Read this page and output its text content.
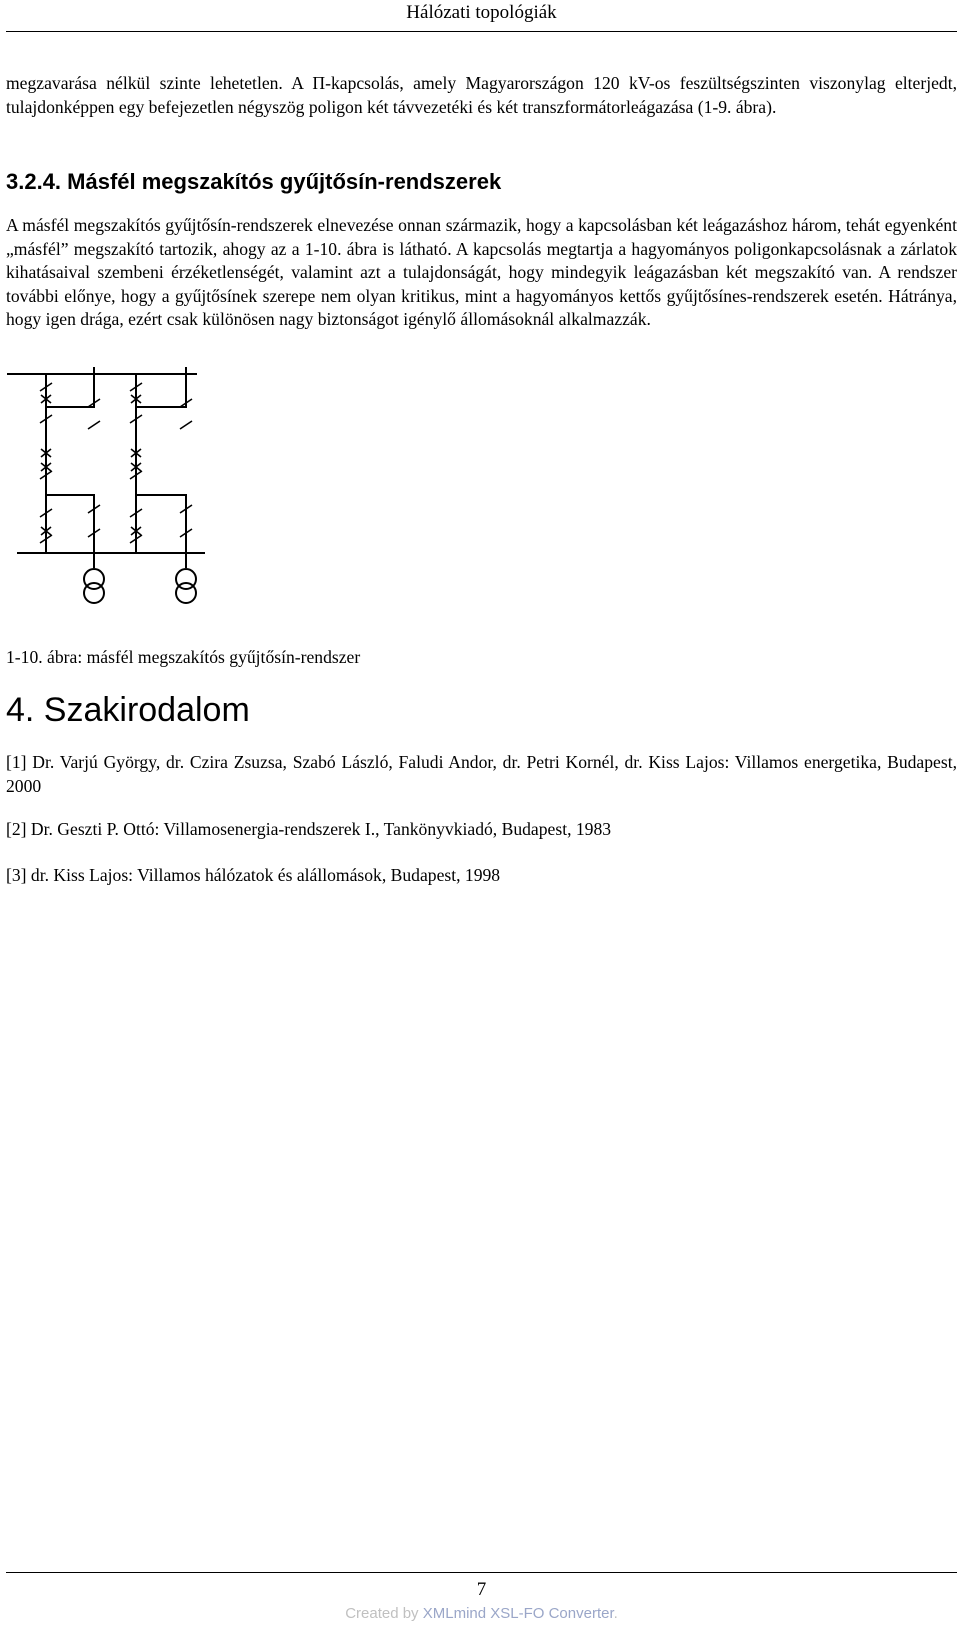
Hálózati topológiák
megzavarása nélkül szinte lehetetlen. A Π-kapcsolás, amely Magyarországon 120 kV-os feszültségszinten viszonylag elterjedt, tulajdonképpen egy befejezetlen négyszög poligon két távvezetéki és két transzformátorleágazása (1-9. ábra).
3.2.4. Másfél megszakítós gyűjtősín-rendszerek
A másfél megszakítós gyűjtősín-rendszerek elnevezése onnan származik, hogy a kapcsolásban két leágazáshoz három, tehát egyenként „másfél” megszakító tartozik, ahogy az a 1-10. ábra is látható. A kapcsolás megtartja a hagyományos poligonkapcsolásnak a zárlatok kihatásaival szembeni érzéketlenségét, valamint azt a tulajdonságát, hogy mindegyik leágazásban két megszakító van. A rendszer további előnye, hogy a gyűjtősínek szerepe nem olyan kritikus, mint a hagyományos kettős gyűjtősínes-rendszerek esetén. Hátránya, hogy igen drága, ezért csak különösen nagy biztonságot igénylő állomásoknál alkalmazzák.
1-10. ábra: másfél megszakítós gyűjtősín-rendszer
4. Szakirodalom
[1] Dr. Varjú György, dr. Czira Zsuzsa, Szabó László, Faludi Andor, dr. Petri Kornél, dr. Kiss Lajos: Villamos energetika, Budapest, 2000
[2] Dr. Geszti P. Ottó: Villamosenergia-rendszerek I., Tankönyvkiadó, Budapest, 1983
[3] dr. Kiss Lajos: Villamos hálózatok és alállomások, Budapest, 1998
7
Created by XMLmind XSL-FO Converter.
